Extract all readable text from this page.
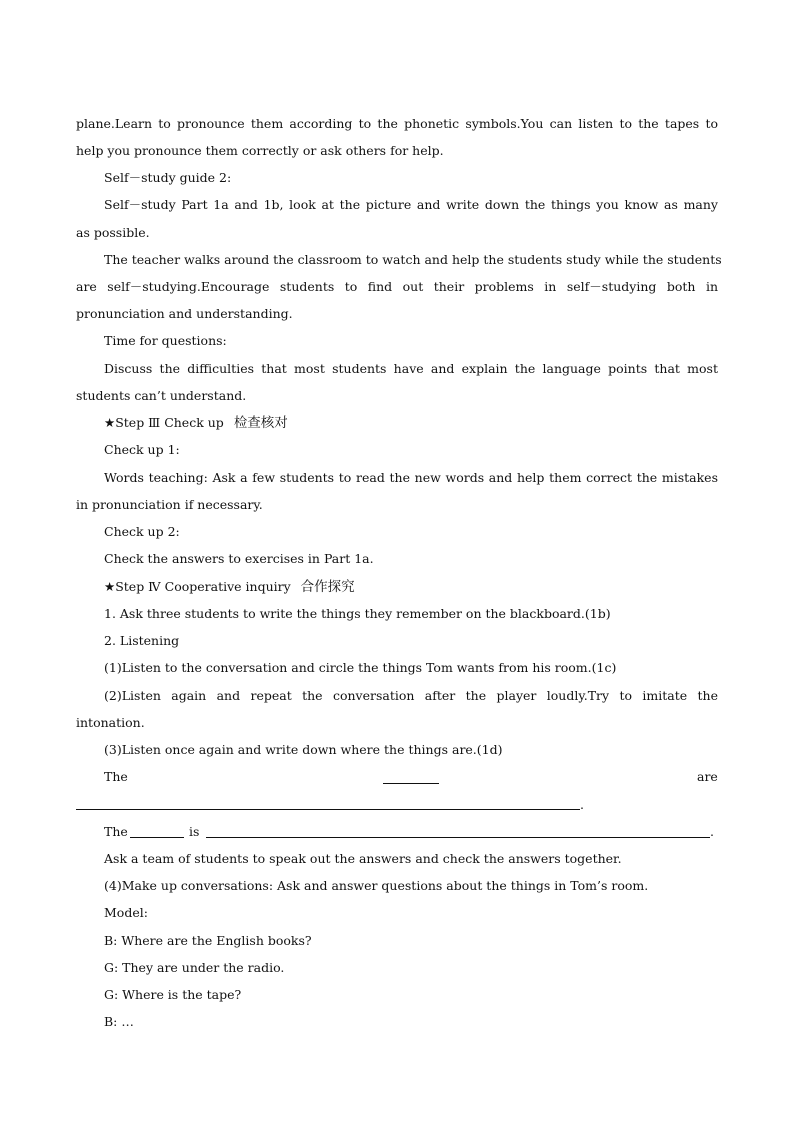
plane.Learn to pronounce them according to the phonetic symbols.You can listen to the tapes to
help you pronounce them correctly or ask others for help.
Self－study guide 2:
Self－study Part 1a and 1b, look at the picture and write down the things you know as many
as possible.
The teacher walks around the classroom to watch and help the students study while the students
are self－studying.Encourage students to find out their problems in self－studying both in
pronunciation and understanding.
Time for questions:
Discuss the difficulties that most students have and explain the language points that most
students can’t understand.
★Step Ⅲ Check up 检查核对
Check up 1:
Words teaching: Ask a few students to read the new words and help them correct the mistakes
in pronunciation if necessary.
Check up 2:
Check the answers to exercises in Part 1a.
★Step Ⅳ Cooperative inquiry 合作探究
1. Ask three students to write the things they remember on the blackboard.(1b)
2. Listening
(1)Listen to the conversation and circle the things Tom wants from his room.(1c)
(2)Listen again and repeat the conversation after the player loudly.Try to imitate the
intonation.
(3)Listen once again and write down where the things are.(1d)
The	are
.
The	is	.
Ask a team of students to speak out the answers and check the answers together.
(4)Make up conversations: Ask and answer questions about the things in Tom’s room.
Model:
B: Where are the English books?
G: They are under the radio.
G: Where is the tape?
B: …
